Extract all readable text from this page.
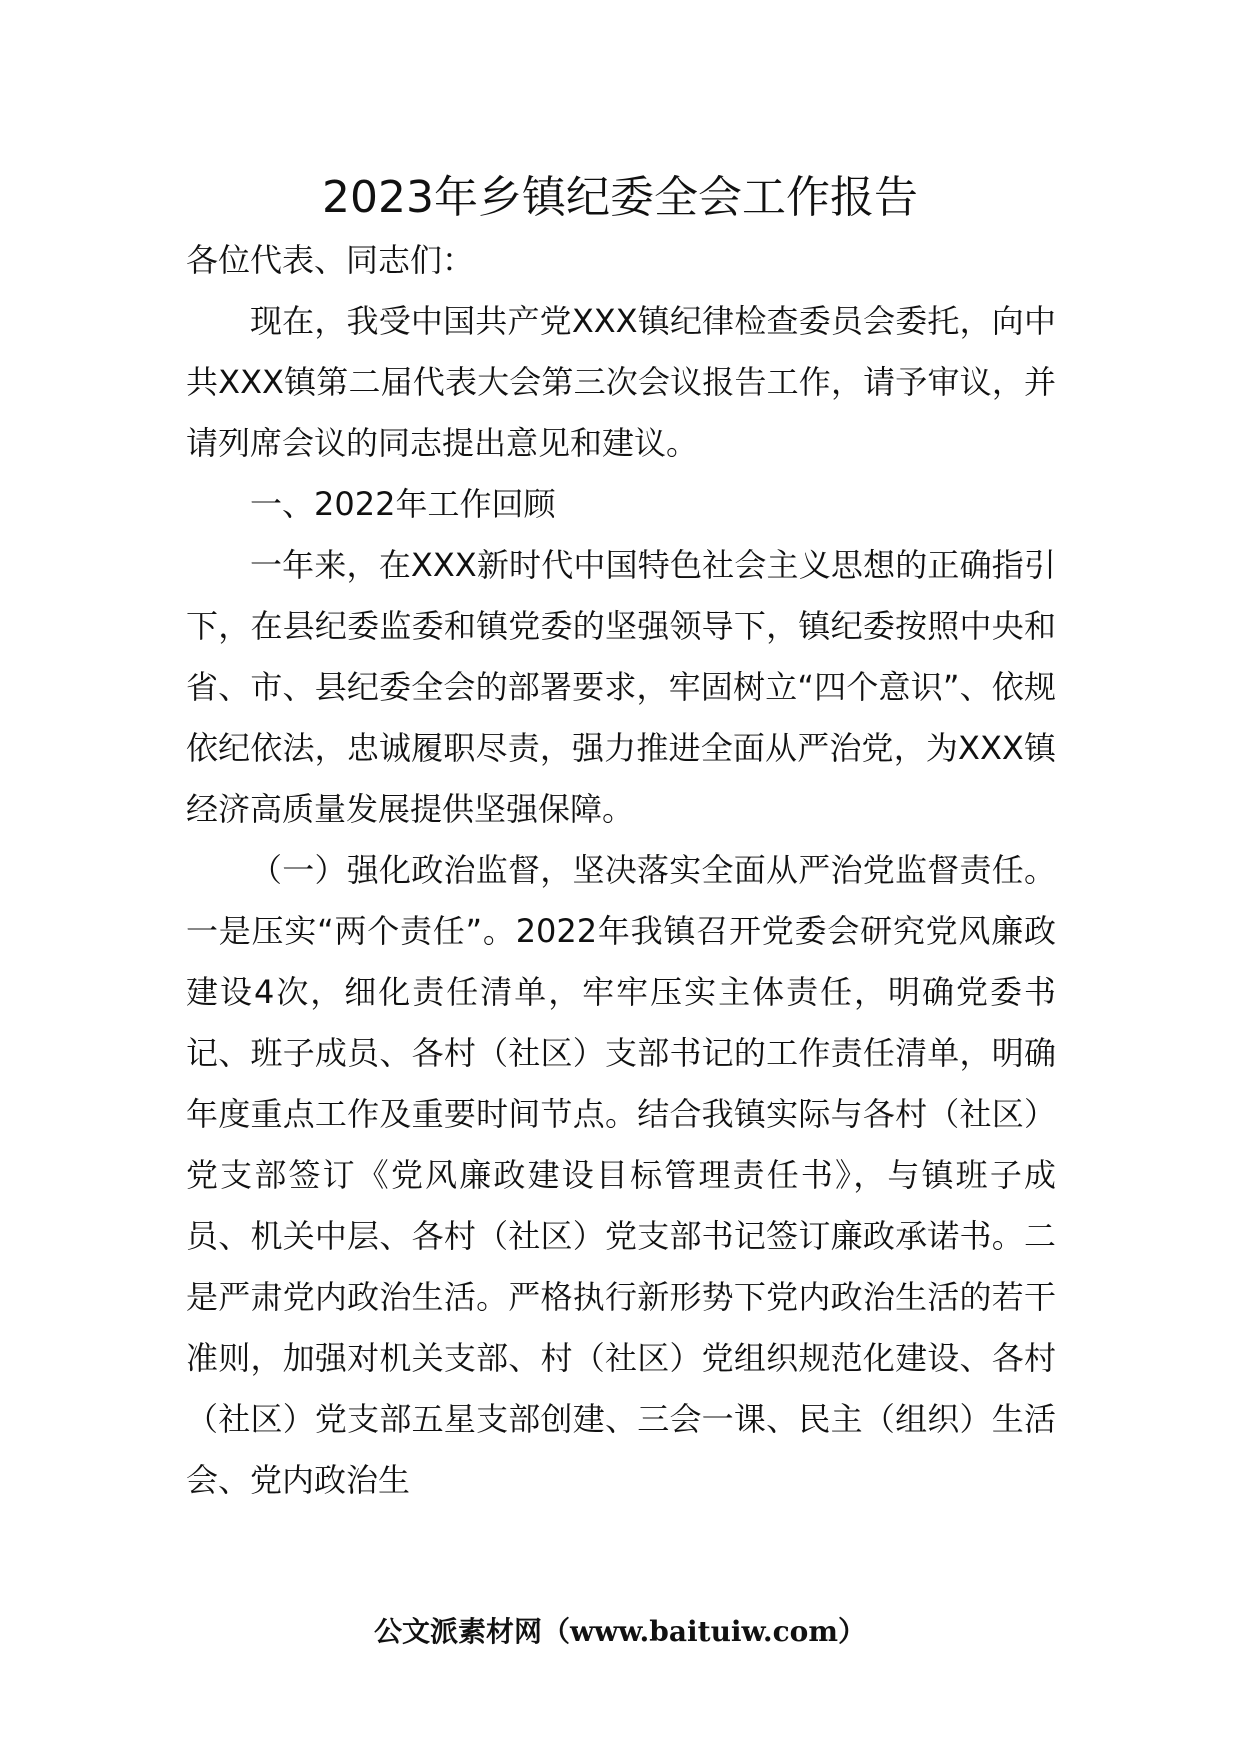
2023年乡镇纪委全会工作报告

各位代表、同志们：

现在，我受中国共产党XXX镇纪律检查委员会委托，向中共XXX镇第二届代表大会第三次会议报告工作，请予审议，并请列席会议的同志提出意见和建议。

一、2022年工作回顾

一年来，在XXX新时代中国特色社会主义思想的正确指引下，在县纪委监委和镇党委的坚强领导下，镇纪委按照中央和省、市、县纪委全会的部署要求，牢固树立“四个意识”、依规依纪依法，忠诚履职尽责，强力推进全面从严治党，为XXX镇经济高质量发展提供坚强保障。

（一）强化政治监督，坚决落实全面从严治党监督责任。一是压实“两个责任”。2022年我镇召开党委会研究党风廉政建设4次，细化责任清单，牢牢压实主体责任，明确党委书记、班子成员、各村（社区）支部书记的工作责任清单，明确年度重点工作及重要时间节点。结合我镇实际与各村（社区）党支部签订《党风廉政建设目标管理责任书》，与镇班子成员、机关中层、各村（社区）党支部书记签订廉政承诺书。二是严肃党内政治生活。严格执行新形势下党内政治生活的若干准则，加强对机关支部、村（社区）党组织规范化建设、各村（社区）党支部五星支部创建、三会一课、民主（组织）生活会、党内政治生

公文派素材网（www.baituiw.com）
